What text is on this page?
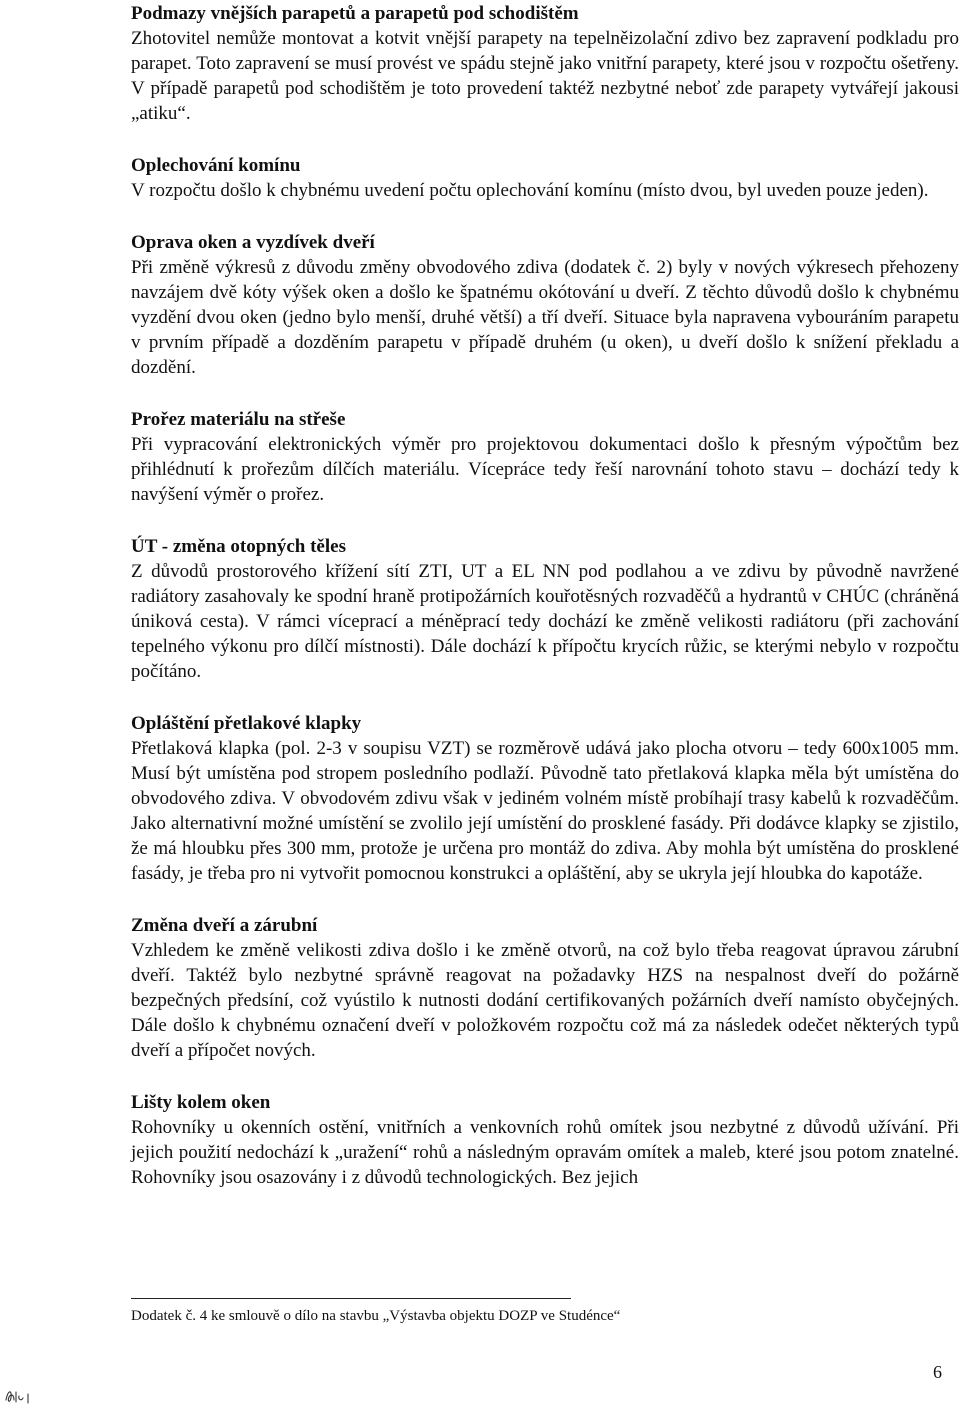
Podmazy vnějších parapetů a parapetů pod schodištěm

Zhotovitel nemůže montovat a kotvit vnější parapety na tepelněizolační zdivo bez zapravení podkladu pro parapet. Toto zapravení se musí provést ve spádu stejně jako vnitřní parapety, které jsou v rozpočtu ošetřeny. V případě parapetů pod schodištěm je toto provedení taktéž nezbytné neboť zde parapety vytvářejí jakousi „atiku“.

Oplechování komínu

V rozpočtu došlo k chybnému uvedení počtu oplechování komínu (místo dvou, byl uveden pouze jeden).

Oprava oken a vyzdívek dveří

Při změně výkresů z důvodu změny obvodového zdiva (dodatek č. 2) byly v nových výkresech přehozeny navzájem dvě kóty výšek oken a došlo ke špatnému okótování u dveří. Z těchto důvodů došlo k chybnému vyzdění dvou oken (jedno bylo menší, druhé větší) a tří dveří. Situace byla napravena vybouráním parapetu v prvním případě a dozděním parapetu v případě druhém (u oken), u dveří došlo k snížení překladu a dozdění.

Prořez materiálu na střeše

Při vypracování elektronických výměr pro projektovou dokumentaci došlo k přesným výpočtům bez přihlédnutí k prořezům dílčích materiálu. Vícepráce tedy řeší narovnání tohoto stavu – dochází tedy k navýšení výměr o prořez.

ÚT - změna otopných těles

Z důvodů prostorového křížení sítí ZTI, UT a EL NN pod podlahou a ve zdivu by původně navržené radiátory zasahovaly ke spodní hraně protipožárních kouřotěsných rozvaděčů a hydrantů v CHÚC (chráněná úniková cesta). V rámci víceprací a méněprací tedy dochází ke změně velikosti radiátoru (při zachování tepelného výkonu pro dílčí místnosti). Dále dochází k přípočtu krycích růžic, se kterými nebylo v rozpočtu počítáno.

Opláštění přetlakové klapky

Přetlaková klapka (pol. 2-3 v soupisu VZT) se rozměrově udává jako plocha otvoru – tedy 600x1005 mm. Musí být umístěna pod stropem posledního podlaží. Původně tato přetlaková klapka měla být umístěna do obvodového zdiva. V obvodovém zdivu však v jediném volném místě probíhají trasy kabelů k rozvaděčům. Jako alternativní možné umístění se zvolilo její umístění do prosklené fasády. Při dodávce klapky se zjistilo, že má hloubku přes 300 mm, protože je určena pro montáž do zdiva. Aby mohla být umístěna do prosklené fasády, je třeba pro ni vytvořit pomocnou konstrukci a opláštění, aby se ukryla její hloubka do kapotáže.

Změna dveří a zárubní

Vzhledem ke změně velikosti zdiva došlo i ke změně otvorů, na což bylo třeba reagovat úpravou zárubní dveří. Taktéž bylo nezbytné správně reagovat na požadavky HZS na nespalnost dveří do požárně bezpečných předsíní, což vyústilo k nutnosti dodání certifikovaných požárních dveří namísto obyčejných. Dále došlo k chybnému označení dveří v položkovém rozpočtu což má za následek odečet některých typů dveří a přípočet nových.

Lišty kolem oken

Rohovníky u okenních ostění, vnitřních a venkovních rohů omítek jsou nezbytné z důvodů užívání. Při jejich použití nedochází k „uražení“ rohů a následným opravám omítek a maleb, které jsou potom znatelné. Rohovníky jsou osazovány i z důvodů technologických. Bez jejich

Dodatek č. 4 ke smlouvě o dílo na stavbu „Výstavba objektu DOZP ve Studénce“
6
